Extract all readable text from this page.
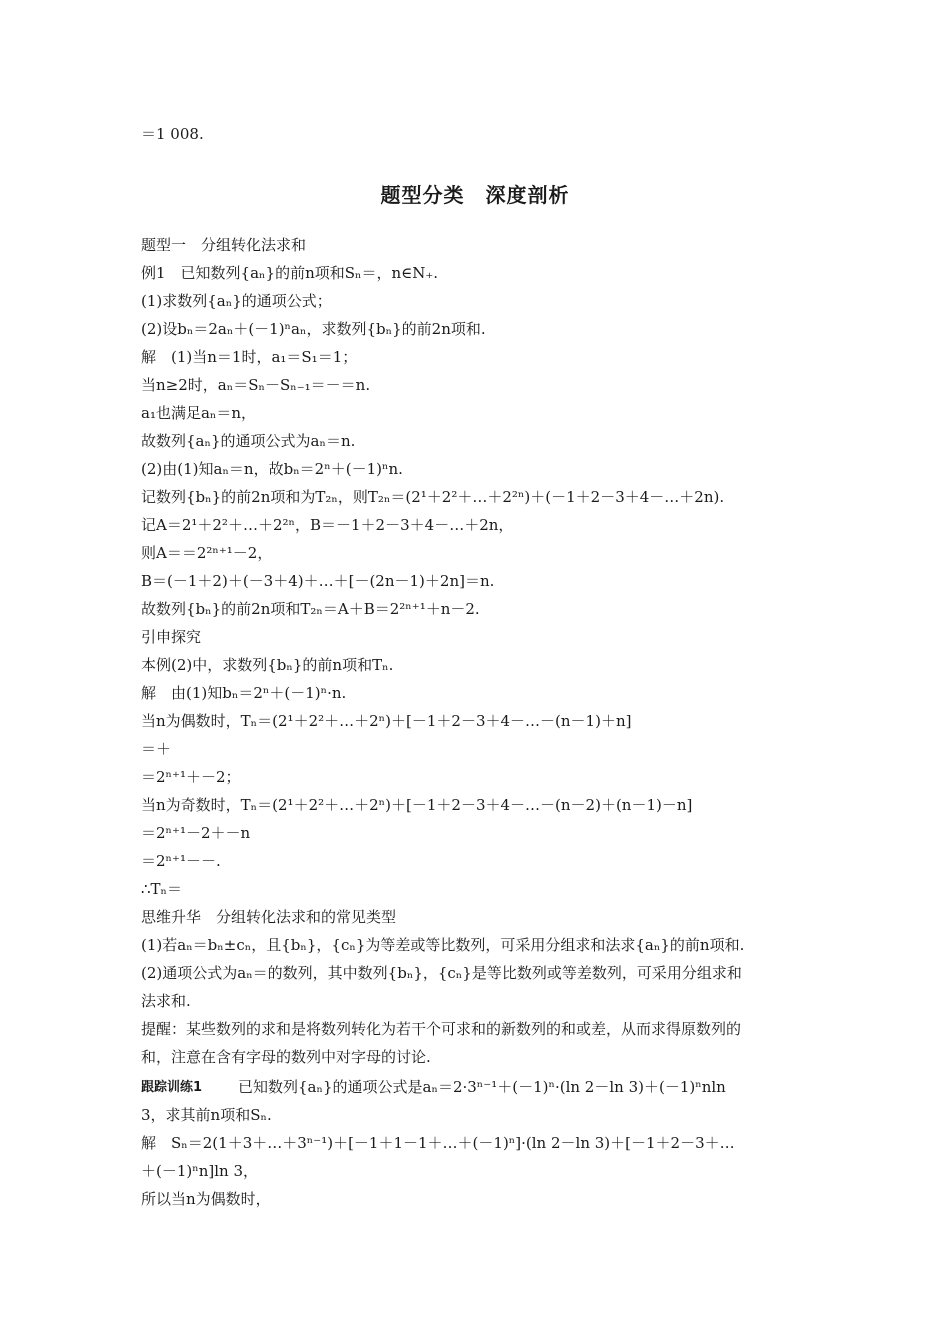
＝1 008.
题型分类　深度剖析
题型一　分组转化法求和
例1　已知数列{aₙ}的前n项和Sₙ＝，n∈N₊.
(1)求数列{aₙ}的通项公式；
(2)设bₙ＝2aₙ＋(－1)ⁿaₙ，求数列{bₙ}的前2n项和.
解　(1)当n＝1时，a₁＝S₁＝1；
当n≥2时，aₙ＝Sₙ－Sₙ₋₁＝－＝n.
a₁也满足aₙ＝n，
故数列{aₙ}的通项公式为aₙ＝n.
(2)由(1)知aₙ＝n，故bₙ＝2ⁿ＋(－1)ⁿn.
记数列{bₙ}的前2n项和为T₂ₙ，则T₂ₙ＝(2¹＋2²＋…＋2²ⁿ)＋(－1＋2－3＋4－…＋2n).
记A＝2¹＋2²＋…＋2²ⁿ，B＝－1＋2－3＋4－…＋2n，
则A＝＝2²ⁿ⁺¹－2，
B＝(－1＋2)＋(－3＋4)＋…＋[－(2n－1)＋2n]＝n.
故数列{bₙ}的前2n项和T₂ₙ＝A＋B＝2²ⁿ⁺¹＋n－2.
引申探究
本例(2)中，求数列{bₙ}的前n项和Tₙ.
解　由(1)知bₙ＝2ⁿ＋(－1)ⁿ·n.
当n为偶数时，Tₙ＝(2¹＋2²＋…＋2ⁿ)＋[－1＋2－3＋4－…－(n－1)＋n]
＝＋
＝2ⁿ⁺¹＋－2；
当n为奇数时，Tₙ＝(2¹＋2²＋…＋2ⁿ)＋[－1＋2－3＋4－…－(n－2)＋(n－1)－n]
＝2ⁿ⁺¹－2＋－n
＝2ⁿ⁺¹－－.
∴Tₙ＝
思维升华　分组转化法求和的常见类型
(1)若aₙ＝bₙ±cₙ，且{bₙ}，{cₙ}为等差或等比数列，可采用分组求和法求{aₙ}的前n项和.
(2)通项公式为aₙ＝的数列，其中数列{bₙ}，{cₙ}是等比数列或等差数列，可采用分组求和
法求和.
提醒：某些数列的求和是将数列转化为若干个可求和的新数列的和或差，从而求得原数列的
和，注意在含有字母的数列中对字母的讨论.
跟踪训练1 已知数列{aₙ}的通项公式是aₙ＝2·3ⁿ⁻¹＋(－1)ⁿ·(ln 2－ln 3)＋(－1)ⁿnln
3，求其前n项和Sₙ.
解　Sₙ＝2(1＋3＋…＋3ⁿ⁻¹)＋[－1＋1－1＋…＋(－1)ⁿ]·(ln 2－ln 3)＋[－1＋2－3＋…
＋(－1)ⁿn]ln 3，
所以当n为偶数时，
